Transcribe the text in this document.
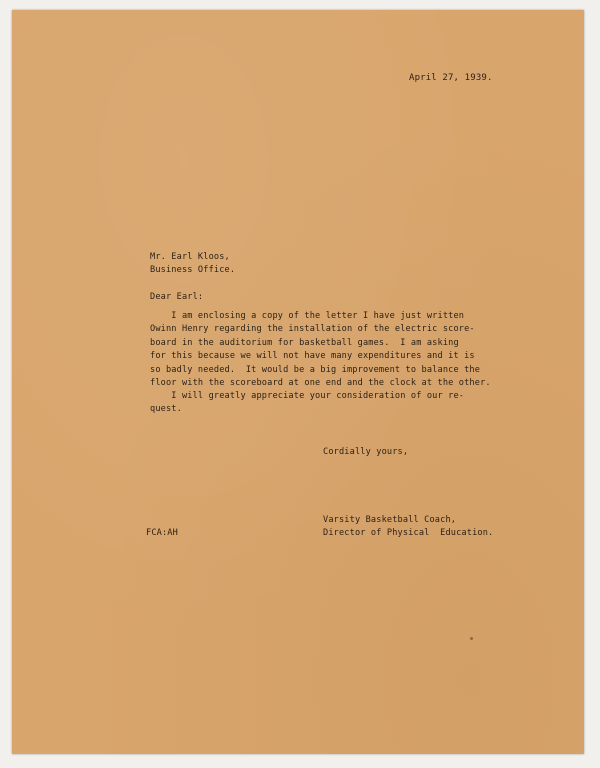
April 27, 1939.
Mr. Earl Kloos,
Business Office.
Dear Earl:
I am enclosing a copy of the letter I have just written
Owinn Henry regarding the installation of the electric score-
board in the auditorium for basketball games.  I am asking
for this because we will not have many expenditures and it is
so badly needed.  It would be a big improvement to balance the
floor with the scoreboard at one end and the clock at the other.
I will greatly appreciate your consideration of our re-
quest.
Cordially yours,
Varsity Basketball Coach,
Director of Physical  Education.
FCA:AH
